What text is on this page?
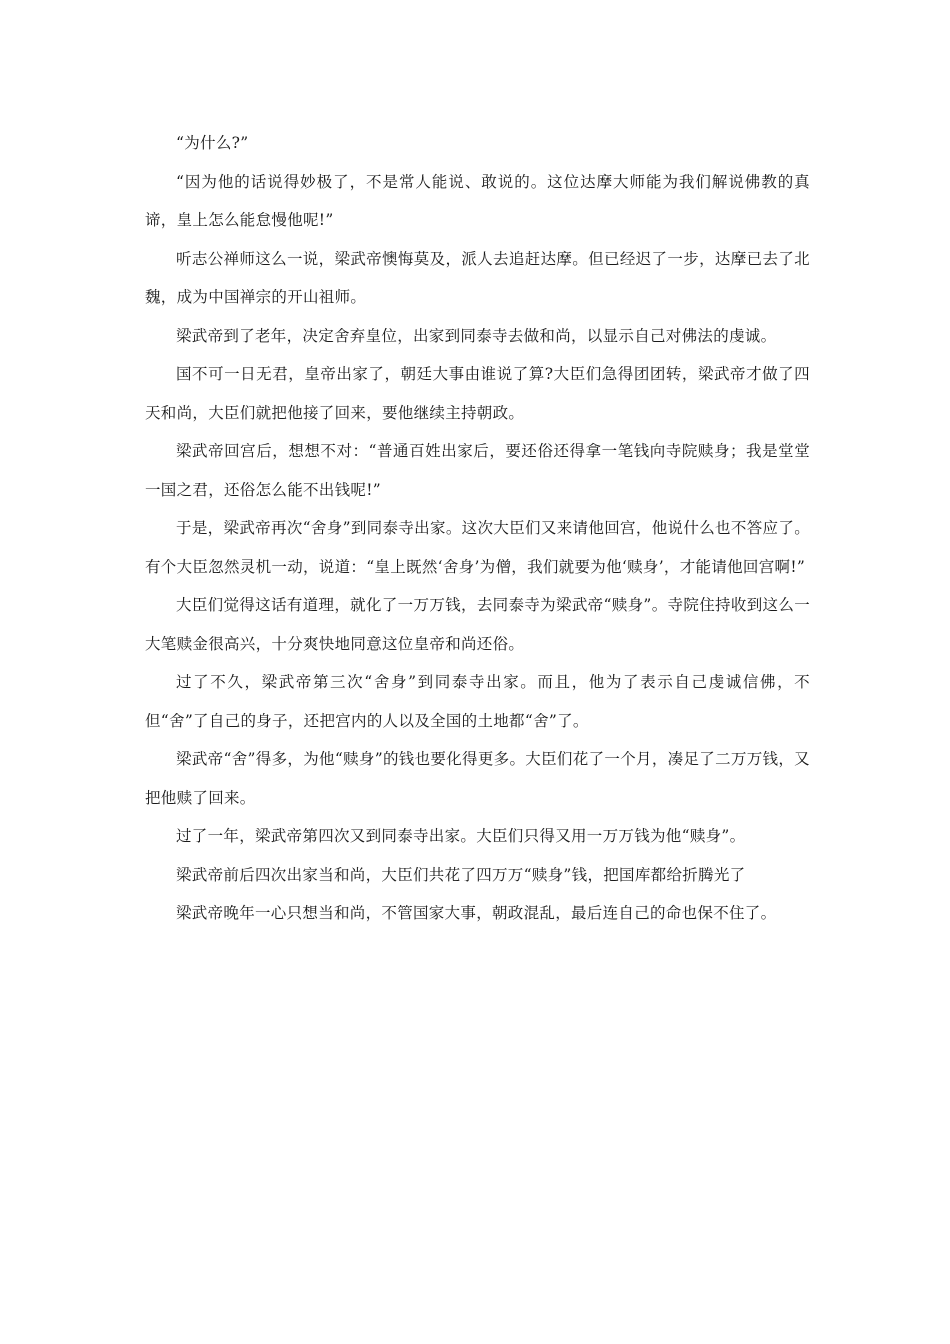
“为什么?”

“因为他的话说得妙极了，不是常人能说、敢说的。这位达摩大师能为我们解说佛教的真谛，皇上怎么能怠慢他呢!”

听志公禅师这么一说，梁武帝懊悔莫及，派人去追赶达摩。但已经迟了一步，达摩已去了北魏，成为中国禅宗的开山祖师。

梁武帝到了老年，决定舍弃皇位，出家到同泰寺去做和尚，以显示自己对佛法的虔诚。

国不可一日无君，皇帝出家了，朝廷大事由谁说了算?大臣们急得团团转，梁武帝才做了四天和尚，大臣们就把他接了回来，要他继续主持朝政。

梁武帝回宫后，想想不对：“普通百姓出家后，要还俗还得拿一笔钱向寺院赎身；我是堂堂一国之君，还俗怎么能不出钱呢!”

于是，梁武帝再次“舍身”到同泰寺出家。这次大臣们又来请他回宫，他说什么也不答应了。有个大臣忽然灵机一动，说道：“皇上既然‘舍身’为僧，我们就要为他‘赎身’，才能请他回宫啊!”

大臣们觉得这话有道理，就化了一万万钱，去同泰寺为梁武帝“赎身”。寺院住持收到这么一大笔赎金很高兴，十分爽快地同意这位皇帝和尚还俗。

过了不久，梁武帝第三次“舍身”到同泰寺出家。而且，他为了表示自己虔诚信佛，不但“舍”了自己的身子，还把宫内的人以及全国的土地都“舍”了。

梁武帝“舍”得多，为他“赎身”的钱也要化得更多。大臣们花了一个月，凑足了二万万钱，又把他赎了回来。

过了一年，梁武帝第四次又到同泰寺出家。大臣们只得又用一万万钱为他“赎身”。

梁武帝前后四次出家当和尚，大臣们共花了四万万“赎身”钱，把国库都给折腾光了

梁武帝晚年一心只想当和尚，不管国家大事，朝政混乱，最后连自己的命也保不住了。
